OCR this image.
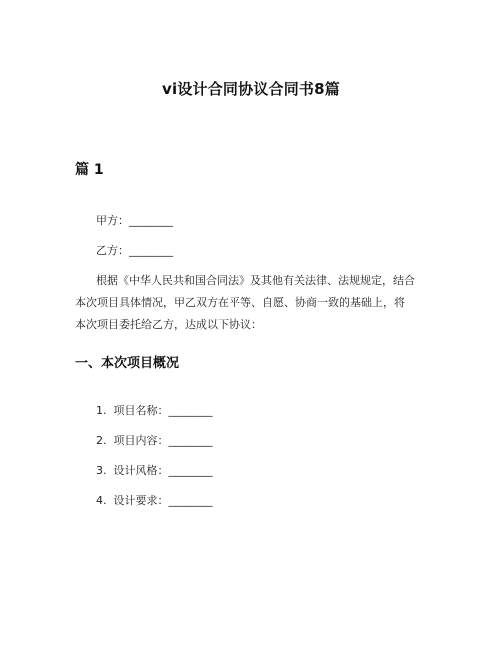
vi设计合同协议合同书8篇
篇 1
甲方：________
乙方：________
根据《中华人民共和国合同法》及其他有关法律、法规规定，结合
本次项目具体情况，甲乙双方在平等、自愿、协商一致的基础上，将
本次项目委托给乙方，达成以下协议：
一、本次项目概况
1. 项目名称：________
2. 项目内容：________
3. 设计风格：________
4. 设计要求：________
